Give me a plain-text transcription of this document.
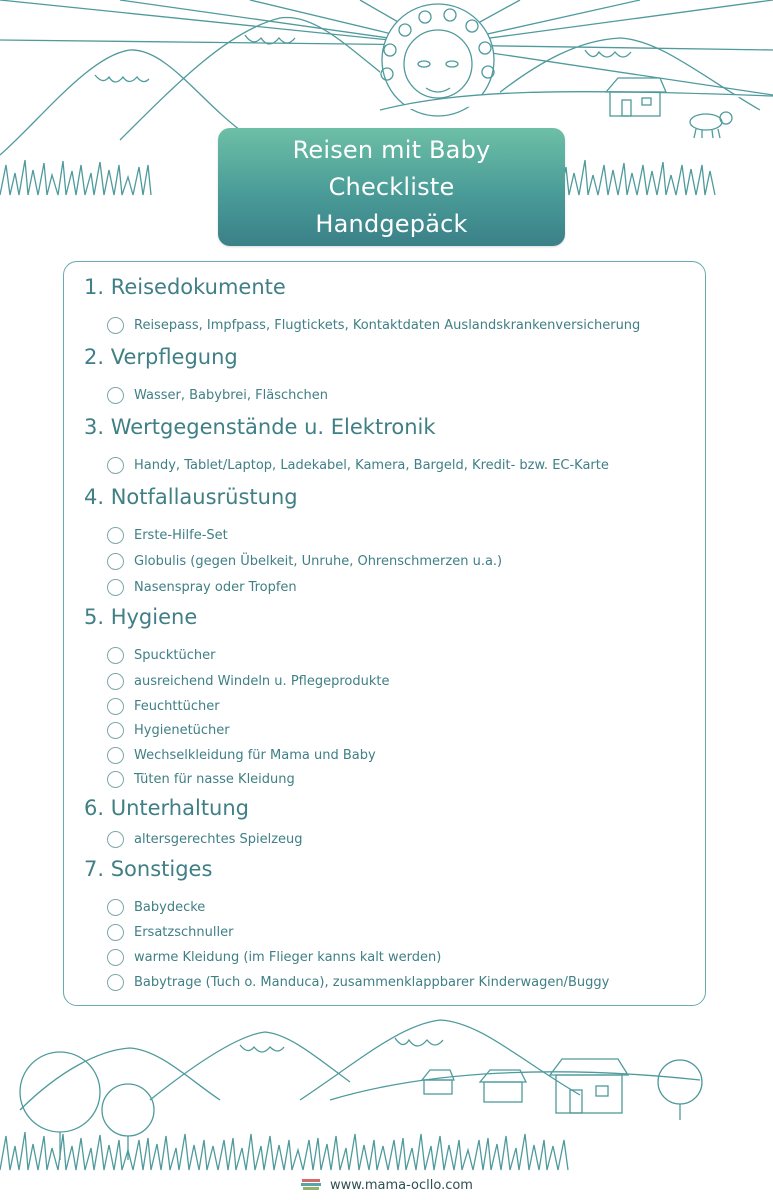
Reisen mit Baby
Checkliste
Handgepäck
1. Reisedokumente
Reisepass, Impfpass, Flugtickets, Kontaktdaten Auslandskrankenversicherung
2. Verpflegung
Wasser, Babybrei, Fläschchen
3. Wertgegenstände u. Elektronik
Handy, Tablet/Laptop, Ladekabel, Kamera, Bargeld, Kredit- bzw. EC-Karte
4. Notfallausrüstung
Erste-Hilfe-Set
Globulis (gegen Übelkeit, Unruhe, Ohrenschmerzen u.a.)
Nasenspray oder Tropfen
5. Hygiene
Spucktücher
ausreichend Windeln u. Pflegeprodukte
Feuchttücher
Hygienetücher
Wechselkleidung für Mama und Baby
Tüten für nasse Kleidung
6. Unterhaltung
altersgerechtes Spielzeug
7. Sonstiges
Babydecke
Ersatzschnuller
warme Kleidung (im Flieger kanns kalt werden)
Babytrage (Tuch o. Manduca), zusammenklappbarer Kinderwagen/Buggy
www.mama-ocllo.com
